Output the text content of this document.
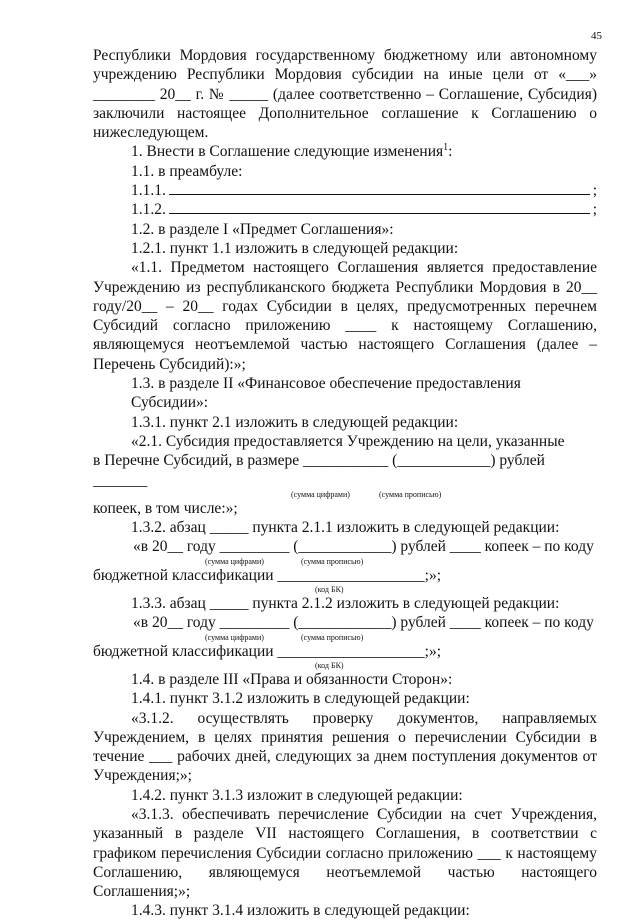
45
Республики Мордовия государственному бюджетному или автономному учреждению Республики Мордовия субсидии на иные цели от «___» ________ 20__ г. № _____ (далее соответственно – Соглашение, Субсидия) заключили настоящее Дополнительное соглашение к Соглашению о нижеследующем.
1. Внести в Соглашение следующие изменения$^1$:
1.1. в преамбуле:
1.1.1.	;
1.1.2.	;
1.2. в разделе I «Предмет Соглашения»:
1.2.1. пункт 1.1 изложить в следующей редакции:
«1.1. Предметом настоящего Соглашения является предоставление Учреждению из республиканского бюджета Республики Мордовия в 20__ году/20__ – 20__ годах Субсидии в целях, предусмотренных перечнем Субсидий согласно приложению ____ к настоящему Соглашению, являющемуся неотъемлемой частью настоящего Соглашения (далее – Перечень Субсидий):»;
1.3. в разделе II «Финансовое обеспечение предоставления Субсидии»:
1.3.1. пункт 2.1 изложить в следующей редакции:
«2.1. Субсидия предоставляется Учреждению на цели, указанные
в Перечне Субсидий, в размере ___________ (____________) рублей _______
(сумма цифрами)	(сумма прописью)
копеек, в том числе:»;
1.3.2. абзац _____ пункта 2.1.1 изложить в следующей редакции:
«в 20__ году _________ (____________) рублей ____ копеек – по коду
(сумма цифрами)	(сумма прописью)
бюджетной классификации ___________________;»;
(код БК)
1.3.3. абзац _____ пункта 2.1.2 изложить в следующей редакции:
«в 20__ году _________ (____________) рублей ____ копеек – по коду
(сумма цифрами)	(сумма прописью)
бюджетной классификации ___________________;»;
(код БК)
1.4. в разделе III «Права и обязанности Сторон»:
1.4.1. пункт 3.1.2 изложить в следующей редакции:
«3.1.2. осуществлять проверку документов, направляемых Учреждением, в целях принятия решения о перечислении Субсидии в течение ___ рабочих дней, следующих за днем поступления документов от Учреждения;»;
1.4.2. пункт 3.1.3 изложит в следующей редакции:
«3.1.3. обеспечивать перечисление Субсидии на счет Учреждения, указанный в разделе VII настоящего Соглашения, в соответствии с графиком перечисления Субсидии согласно приложению ___ к настоящему Соглашению, являющемуся неотъемлемой частью настоящего Соглашения;»;
1.4.3. пункт 3.1.4 изложить в следующей редакции:
